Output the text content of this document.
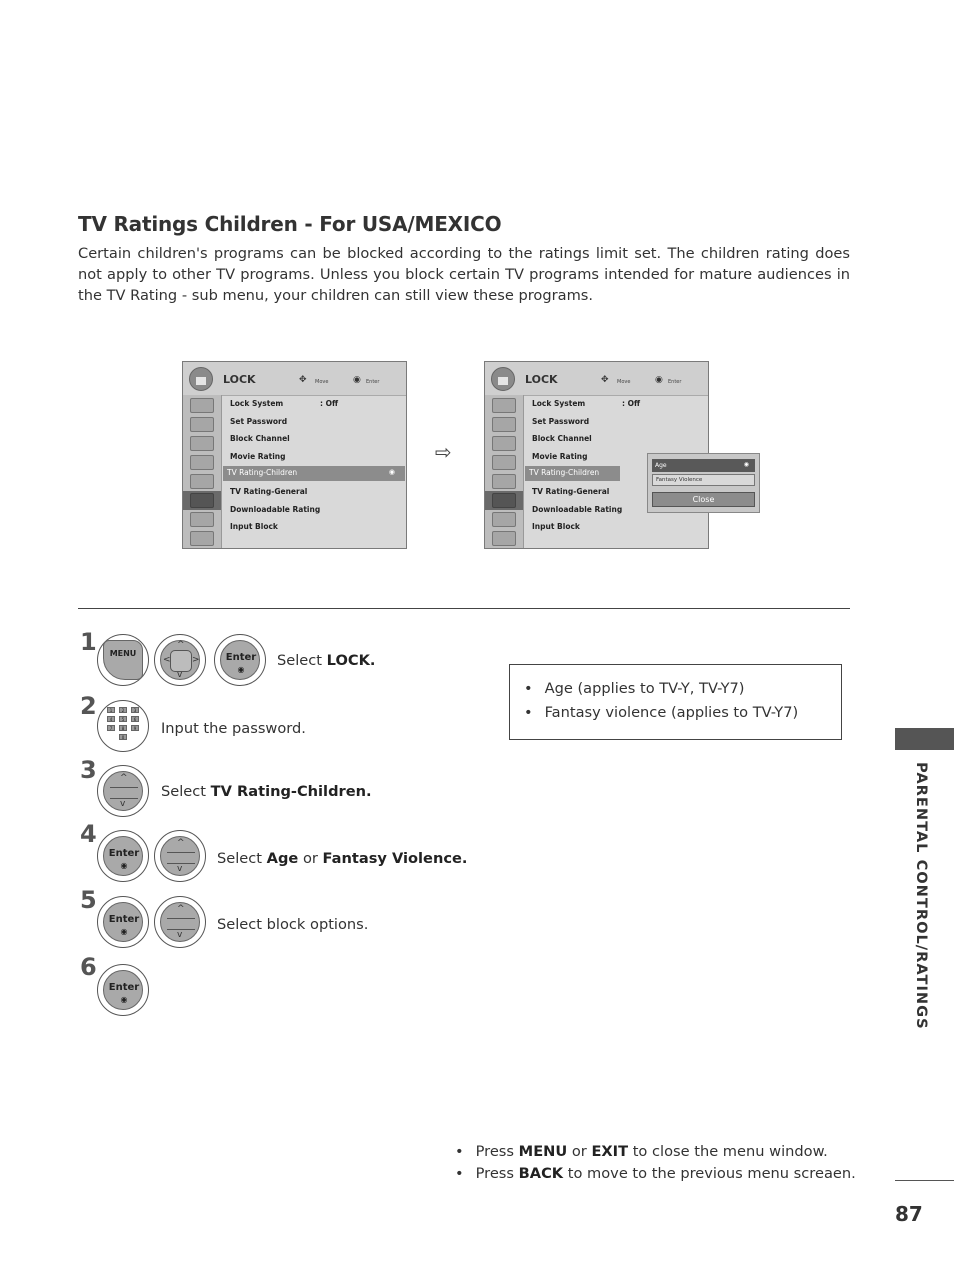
TV Ratings Children - For USA/MEXICO
Certain children's programs can be blocked according to the ratings limit set. The children rating does not apply to other TV programs. Unless you block certain TV programs intended for mature audiences in the TV Rating - sub menu, your children can still view these programs.
LOCK	✥ Move	◉ Enter
Lock System	: Off
Set Password
Block Channel
Movie Rating
TV Rating-Children	◉
TV Rating-General
Downloadable Rating
Input Block
⇨
LOCK	✥ Move	◉ Enter
Lock System	: Off
Set Password
Block Channel
Movie Rating
TV Rating-Children
TV Rating-General
Downloadable Rating
Input Block
Age	◉
Fantasy Violence
Close
1	MENU
^
v
< >	Enter
◉
Select LOCK.
2	1	2	3
4	5	6
7	8	9
0
Input the password.
3	^
v
Select TV Rating-Children.
4
Enter
◉
^
v
Select Age or Fantasy Violence.
5
Enter
◉
^
v
Select block options.
6
Enter
◉
• Age (applies to TV-Y, TV-Y7)
• Fantasy violence (applies to TV-Y7)
• Press MENU or EXIT to close the menu window.
• Press BACK to move to the previous menu screaen.
PARENTAL CONTROL/RATINGS
87
